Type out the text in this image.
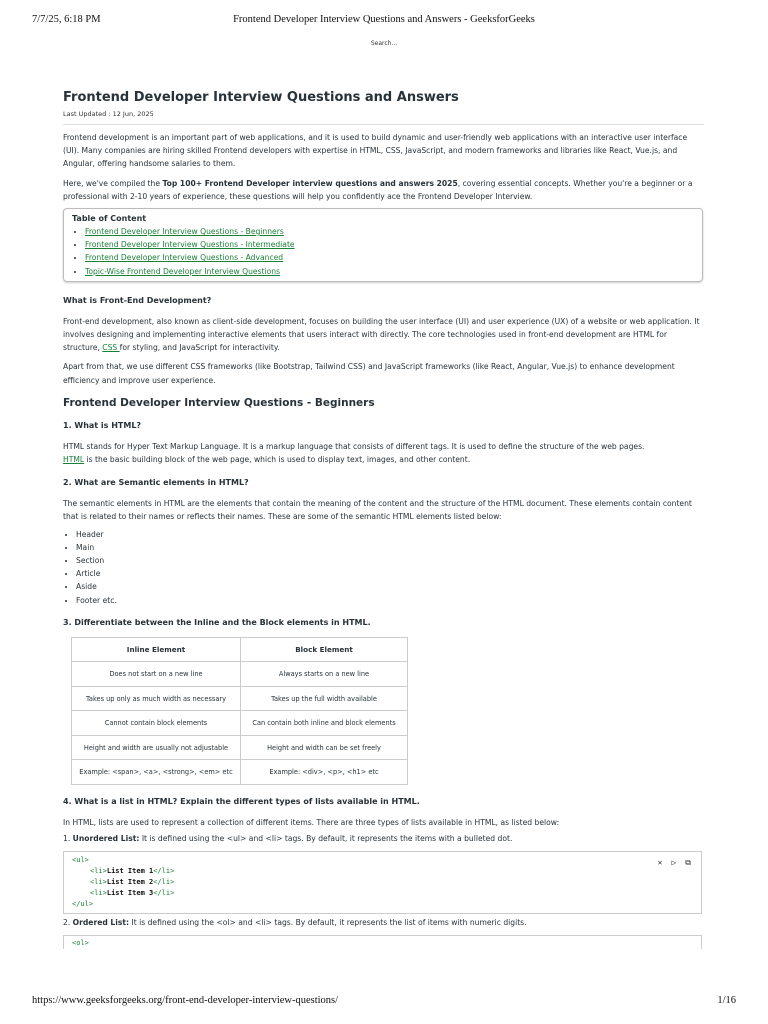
7/7/25, 6:18 PM	Frontend Developer Interview Questions and Answers - GeeksforGeeks
Search...
Frontend Developer Interview Questions and Answers
Last Updated : 12 Jun, 2025

Frontend development is an important part of web applications, and it is used to build dynamic and user-friendly web applications with an interactive user interface (UI). Many companies are hiring skilled Frontend developers with expertise in HTML, CSS, JavaScript, and modern frameworks and libraries like React, Vue.js, and Angular, offering handsome salaries to them.

Here, we've compiled the Top 100+ Frontend Developer interview questions and answers 2025, covering essential concepts. Whether you're a beginner or a professional with 2-10 years of experience, these questions will help you confidently ace the Frontend Developer Interview.

Table of Content
• Frontend Developer Interview Questions - Beginners
• Frontend Developer Interview Questions - Intermediate
• Frontend Developer Interview Questions - Advanced
• Topic-Wise Frontend Developer Interview Questions
What is Front-End Development?

Front-end development, also known as client-side development, focuses on building the user interface (UI) and user experience (UX) of a website or web application. It involves designing and implementing interactive elements that users interact with directly. The core technologies used in front-end development are HTML for structure, CSS for styling, and JavaScript for interactivity.

Apart from that, we use different CSS frameworks (like Bootstrap, Tailwind CSS) and JavaScript frameworks (like React, Angular, Vue.js) to enhance development efficiency and improve user experience.

Frontend Developer Interview Questions - Beginners
1. What is HTML?

HTML stands for Hyper Text Markup Language. It is a markup language that consists of different tags. It is used to define the structure of the web pages.
HTML is the basic building block of the web page, which is used to display text, images, and other content.

2. What are Semantic elements in HTML?

The semantic elements in HTML are the elements that contain the meaning of the content and the structure of the HTML document. These elements contain content that is related to their names or reflects their names. These are some of the semantic HTML elements listed below:

• Header
• Main
• Section
• Article
• Aside
• Footer etc.
3. Differentiate between the Inline and the Block elements in HTML.
Inline Element	Block Element
Does not start on a new line	Always starts on a new line
Takes up only as much width as necessary	Takes up the full width available
Cannot contain block elements	Can contain both inline and block elements
Height and width are usually not adjustable	Height and width can be set freely
Example: <span>, <a>, <strong>, <em> etc	Example: <div>, <p>, <h1> etc
4. What is a list in HTML? Explain the different types of lists available in HTML.

In HTML, lists are used to represent a collection of different items. There are three types of lists available in HTML, as listed below:

1. Unordered List: It is defined using the <ul> and <li> tags. By default, it represents the items with a bulleted dot.

✕ ▷ ⧉
<ul>
<li>List Item 1</li>
<li>List Item 2</li>
<li>List Item 3</li>
</ul>

2. Ordered List: It is defined using the <ol> and <li> tags. By default, it represents the list of items with numeric digits.

<ol>
https://www.geeksforgeeks.org/front-end-developer-interview-questions/	1/16
